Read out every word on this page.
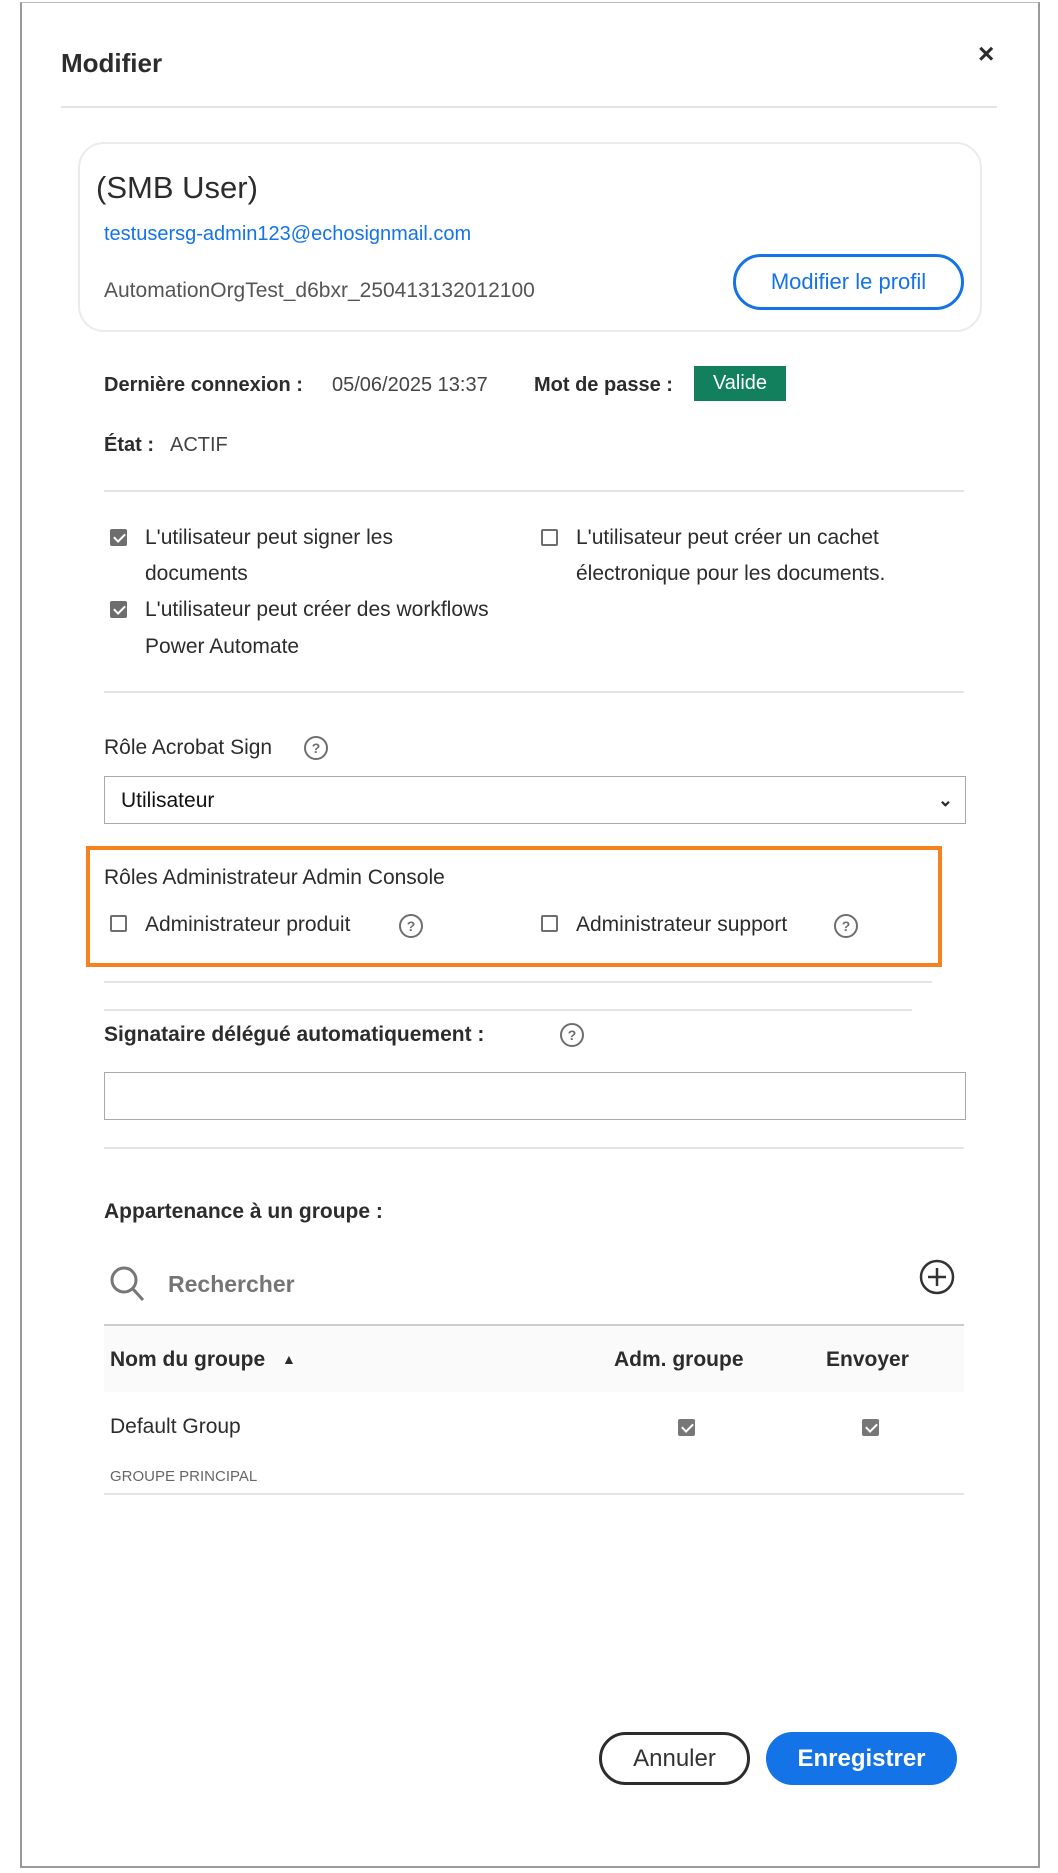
Modifier	×
(SMB User)
testusersg-admin123@echosignmail.com
AutomationOrgTest_d6bxr_250413132012100	Modifier le profil
Dernière connexion : 05/06/2025 13:37 Mot de passe :	Valide
État : ACTIF
L'utilisateur peut signer les
documents
L'utilisateur peut créer des workflows
Power Automate
L'utilisateur peut créer un cachet
électronique pour les documents.
Rôle Acrobat Sign	?
Utilisateur	⌄
Rôles Administrateur Admin Console
Administrateur produit	?	Administrateur support	?
Signataire délégué automatiquement :	?
Appartenance à un groupe :
Rechercher
Nom du groupe ▲	Adm. groupe	Envoyer
Default Group
GROUPE PRINCIPAL
Annuler	Enregistrer
